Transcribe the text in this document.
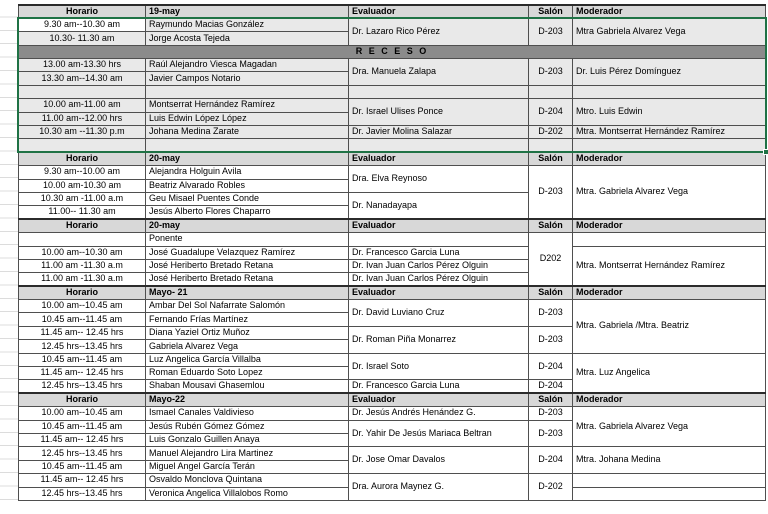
Horario	19-may	Evaluador	Salón	Moderador
9.30 am--10.30 am	Raymundo Macias González	Dr. Lazaro Rico Pérez	D-203	Mtra Gabriela Alvarez Vega
10.30- 11.30 am	Jorge Acosta Tejeda			
R E C E S O				
13.00 am-13.30 hrs	Raúl Alejandro Viesca Magadan	Dra. Manuela Zalapa	D-203	Dr. Luis Pérez Domínguez
13.30 am--14.30 am	Javier Campos Notario			

10.00 am-11.00 am	Montserrat Hernández Ramírez	Dr. Israel Ulises Ponce	D-204	Mtro. Luis Edwin
11.00 am--12.00 hrs	Luis Edwin López López			
10.30 am --11.30 p.m	Johana Medina Zarate	Dr. Javier Molina Salazar	D-202	Mtra. Montserrat Hernández Ramírez

Horario	20-may	Evaluador	Salón	Moderador
9.30 am--10.00 am	Alejandra Holguin Avila	Dra. Elva Reynoso	D-203	Mtra. Gabriela Alvarez Vega
10.00 am-10.30 am	Beatriz Alvarado Robles			
10.30 am -11.00 a.m	Geu Misael Puentes Conde	Dr. Nanadayapa		
11.00-- 11.30 am	Jesús Alberto Flores Chaparro			
Horario	20-may	Evaluador	Salón	Moderador
	Ponente		D202	
10.00 am--10.30 am	José Guadalupe Velazquez Ramírez	Dr. Francesco Garcia Luna		Mtra. Montserrat Hernández Ramírez
11.00 am -11.30 a.m	José Heriberto Bretado Retana	Dr. Ivan Juan Carlos Pérez Olguin		
11.00 am -11.30 a.m	José Heriberto Bretado Retana	Dr. Ivan Juan Carlos Pérez Olguin		
Horario	Mayo- 21	Evaluador	Salón	Moderador
10.00 am--10.45 am	Ambar Del Sol Nafarrate Salomón	Dr. David Luviano Cruz	D-203	Mtra. Gabriela /Mtra. Beatriz
10.45 am--11.45 am	Fernando Frías Martínez			
11.45 am-- 12.45 hrs	Diana Yaziel Ortiz Muñoz	Dr. Roman Piña Monarrez	D-203	
12.45 hrs--13.45 hrs	Gabriela Alvarez Vega			
10.45 am--11.45 am	Luz Angelica García Villalba	Dr. Israel Soto	D-204	Mtra. Luz Angelica
11.45 am-- 12.45 hrs	Roman Eduardo Soto Lopez			
12.45 hrs--13.45 hrs	Shaban Mousavi Ghasemlou	Dr. Francesco Garcia Luna	D-204	
Horario	Mayo-22	Evaluador	Salón	Moderador
10.00 am--10.45 am	Ismael Canales Valdivieso	Dr. Jesús Andrés Henández G.	D-203	Mtra. Gabriela Alvarez Vega
10.45 am--11.45 am	Jesús Rubén Gómez Gómez	Dr. Yahir De Jesús Mariaca Beltran	D-203	
11.45 am-- 12.45 hrs	Luis Gonzalo Guillen Anaya			
12.45 hrs--13.45 hrs	Manuel Alejandro Lira Martinez	Dr. Jose Omar Davalos	D-204	Mtra. Johana Medina
10.45 am--11.45 am	Miguel Angel García Terán			
11.45 am-- 12.45 hrs	Osvaldo Monclova Quintana	Dra. Aurora Maynez G.	D-202	
12.45 hrs--13.45 hrs	Veronica Angelica Villalobos Romo			
